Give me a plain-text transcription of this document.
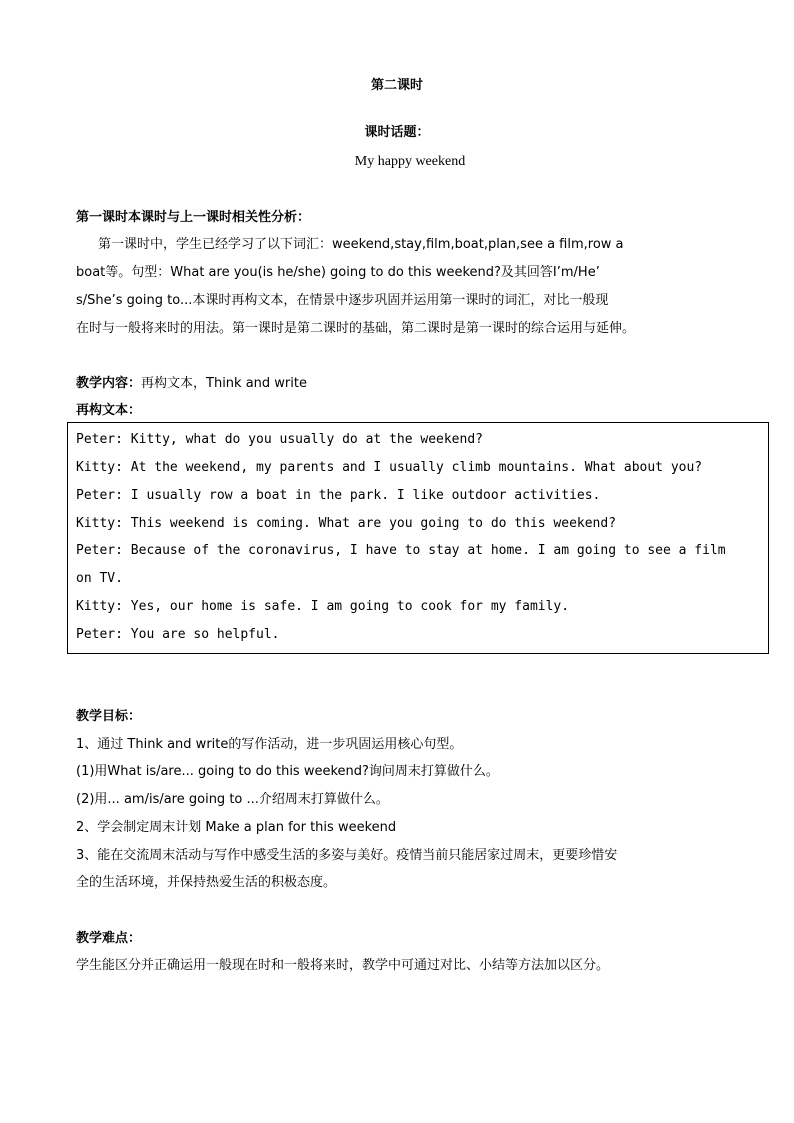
第二课时
课时话题：
My happy weekend
第一课时本课时与上一课时相关性分析：
第一课时中，学生已经学习了以下词汇：weekend,stay,film,boat,plan,see a film,row a
boat等。句型：What are you(is he/she) going to do this weekend?及其回答I’m/He’
s/She’s going to...本课时再构文本，在情景中逐步巩固并运用第一课时的词汇，对比一般现
在时与一般将来时的用法。第一课时是第二课时的基础，第二课时是第一课时的综合运用与延伸。
教学内容：再构文本，Think and write
再构文本：
Peter: Kitty, what do you usually do at the weekend?
Kitty: At the weekend, my parents and I usually climb mountains. What about you?
Peter: I usually row a boat in the park. I like outdoor activities.
Kitty: This weekend is coming. What are you going to do this weekend?
Peter: Because of the coronavirus, I have to stay at home. I am going to see a film
on TV.
Kitty: Yes, our home is safe. I am going to cook for my family.
Peter: You are so helpful.
教学目标：
1、通过 Think and write的写作活动，进一步巩固运用核心句型。
(1)用What is/are... going to do this weekend?询问周末打算做什么。
(2)用... am/is/are going to ...介绍周末打算做什么。
2、学会制定周末计划 Make a plan for this weekend
3、能在交流周末活动与写作中感受生活的多姿与美好。疫情当前只能居家过周末，更要珍惜安
全的生活环境，并保持热爱生活的积极态度。
教学难点：
学生能区分并正确运用一般现在时和一般将来时，教学中可通过对比、小结等方法加以区分。
